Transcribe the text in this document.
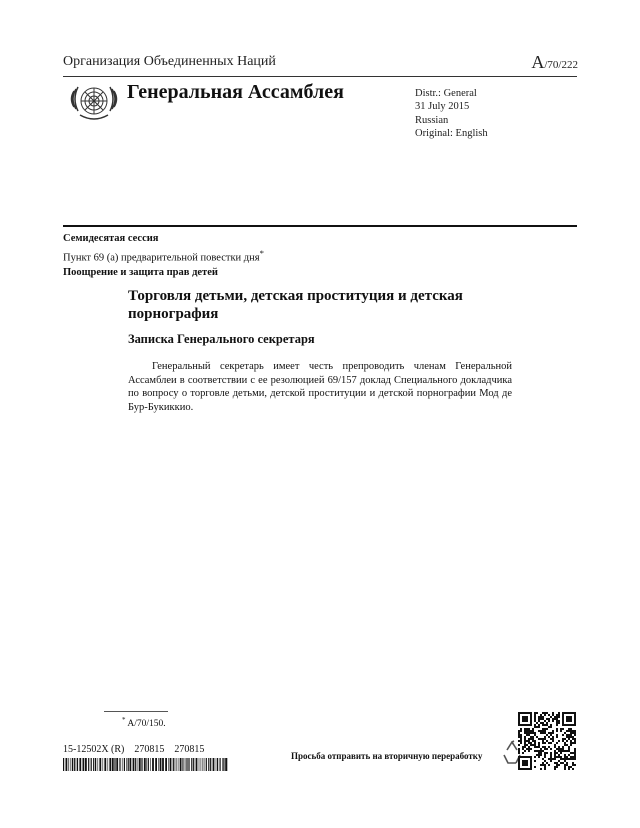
Организация Объединенных Наций	A/70/222
Генеральная Ассамблея	Distr.: General
31 July 2015
Russian
Original: English
Семидесятая сессия
Пункт 69 (a) предварительной повестки дня*
Поощрение и защита прав детей
Торговля детьми, детская проституция и детская порнография
Записка Генерального секретаря
Генеральный секретарь имеет честь препроводить членам Генеральной Ассамблеи в соответствии с ее резолюцией 69/157 доклад Специального докладчика по вопросу о торговле детьми, детской проституции и детской порнографии Мод де Бур-Букиккио.
* A/70/150.
15-12502X (R)    270815    270815
Просьба отправить на вторичную переработку
